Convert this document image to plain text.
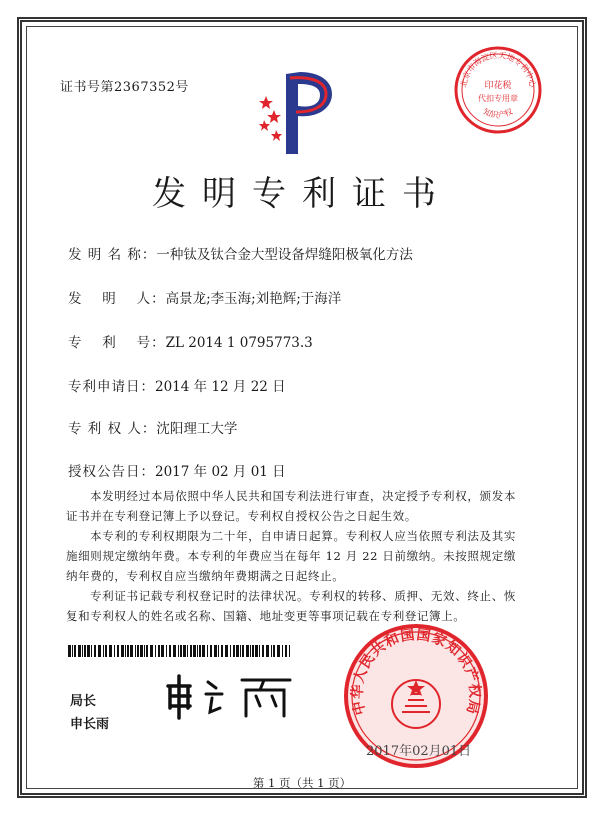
证书号第2367352号	北京市海淀区天地专利中心
印花税
代扣专用章
知识产权
发明专利证书
发 明 名 称：一种钛及钛合金大型设备焊缝阳极氧化方法
发　 明 　人：高景龙;李玉海;刘艳辉;于海洋
专　 利 　号：ZL 2014 1 0795773.3
专利申请日：2014 年 12 月 22 日
专 利 权 人：沈阳理工大学
授权公告日：2017 年 02 月 01 日
本发明经过本局依照中华人民共和国专利法进行审查，决定授予专利权，颁发本证书并在专利登记簿上予以登记。专利权自授权公告之日起生效。
本专利的专利权期限为二十年，自申请日起算。专利权人应当依照专利法及其实施细则规定缴纳年费。本专利的年费应当在每年 12 月 22 日前缴纳。未按照规定缴纳年费的，专利权自应当缴纳年费期满之日起终止。
专利证书记载专利权登记时的法律状况。专利权的转移、质押、无效、终止、恢复和专利权人的姓名或名称、国籍、地址变更等事项记载在专利登记簿上。
局长
申长雨
中华人民共和国国家知识产权局
2017年02月01日
第 1 页（共 1 页）
